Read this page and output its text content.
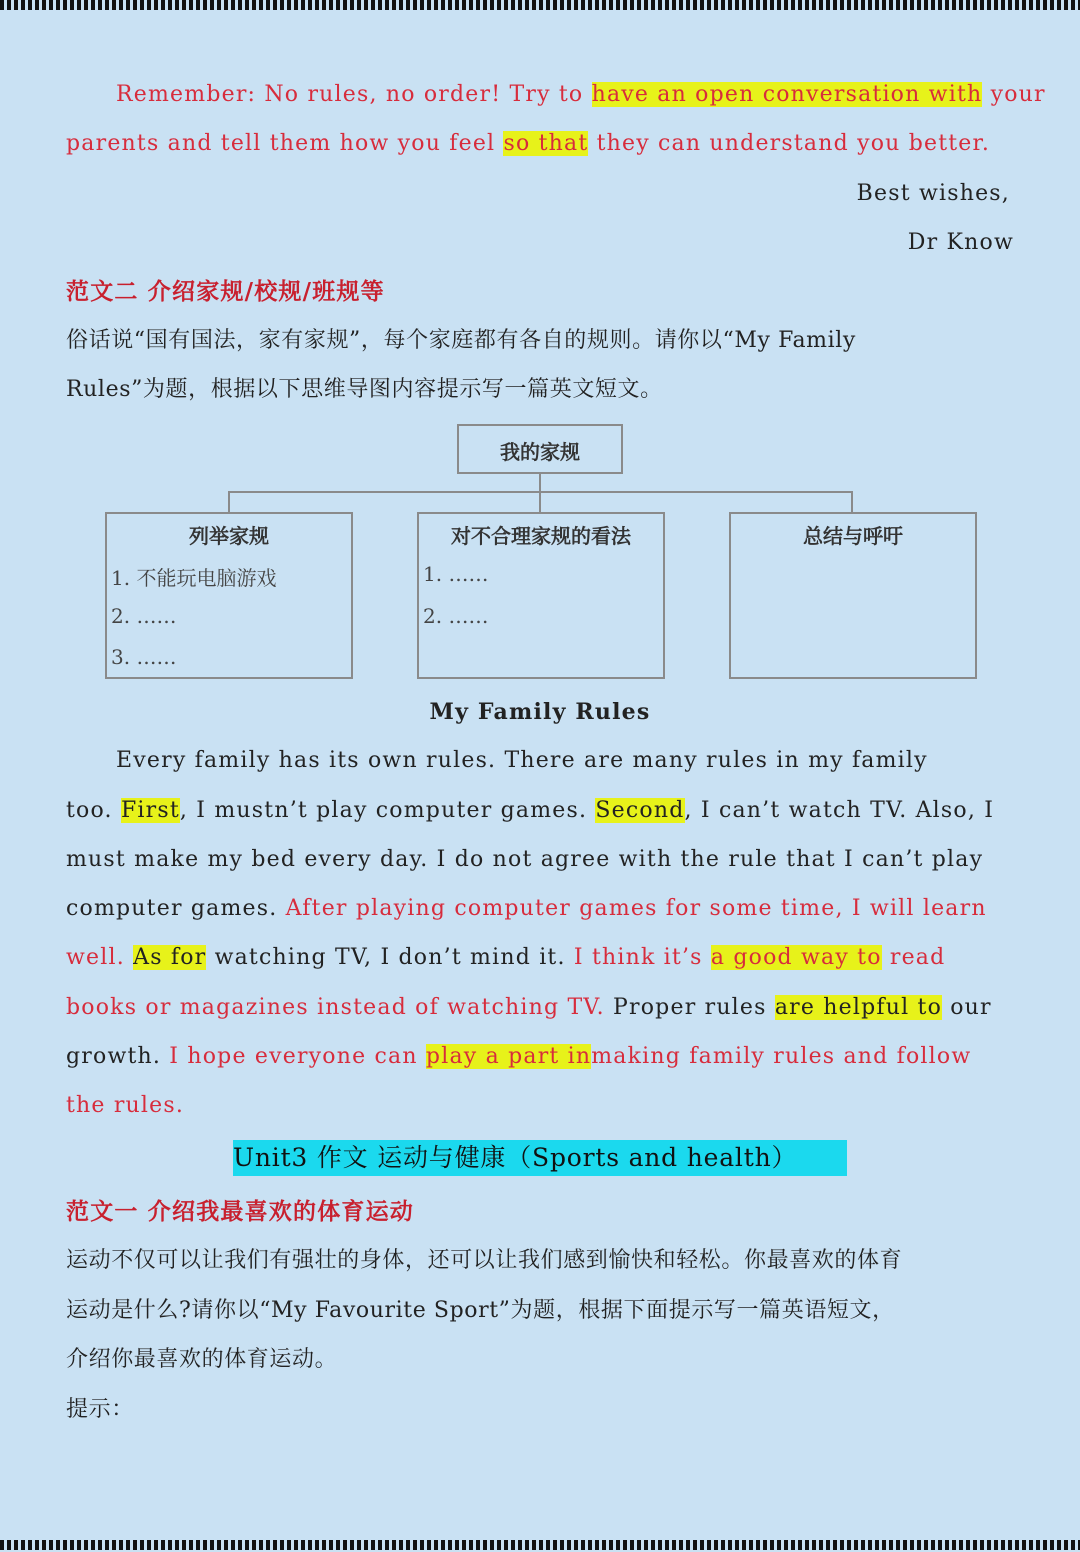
Remember: No rules, no order! Try to have an open conversation with your
parents and tell them how you feel so that they can understand you better.
Best wishes,
Dr Know
范文二 介绍家规/校规/班规等
俗话说“国有国法，家有家规”，每个家庭都有各自的规则。请你以“My Family
Rules”为题，根据以下思维导图内容提示写一篇英文短文。
我的家规
列举家规
1. 不能玩电脑游戏
2. ……
3. ……
对不合理家规的看法
1. ……
2. ……
总结与呼吁
My Family Rules
Every family has its own rules. There are many rules in my family
too. First, I mustn’t play computer games. Second, I can’t watch TV. Also, I
must make my bed every day. I do not agree with the rule that I can’t play
computer games. After playing computer games for some time, I will learn
well. As for watching TV, I don’t mind it. I think it’s a good way to read
books or magazines instead of watching TV. Proper rules are helpful to our
growth. I hope everyone can play a part inmaking family rules and follow
the rules.
Unit3 作文 运动与健康（Sports and health）
范文一 介绍我最喜欢的体育运动
运动不仅可以让我们有强壮的身体，还可以让我们感到愉快和轻松。你最喜欢的体育
运动是什么?请你以“My Favourite Sport”为题，根据下面提示写一篇英语短文，
介绍你最喜欢的体育运动。
提示：
